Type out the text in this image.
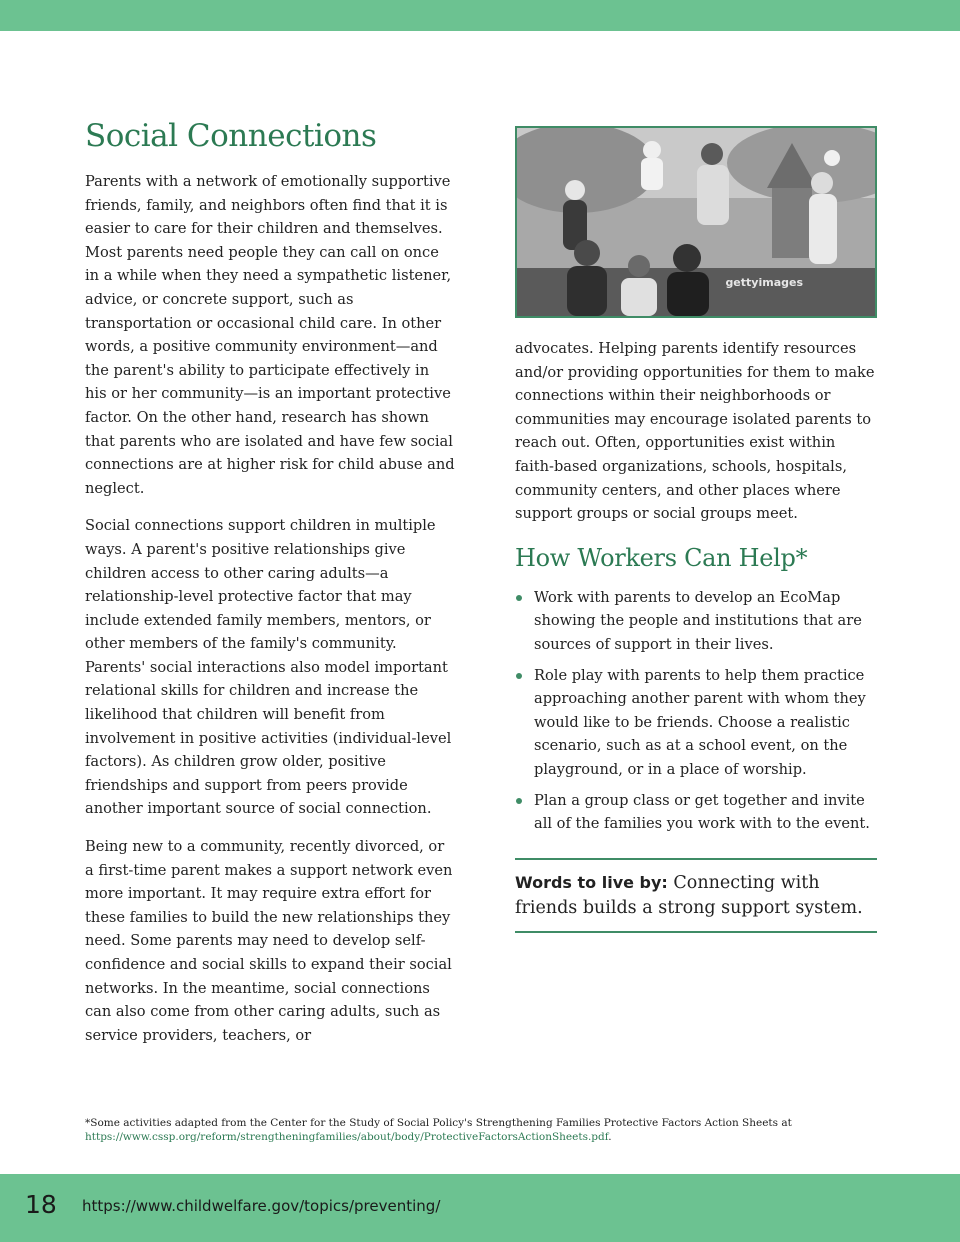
Social Connections

Parents with a network of emotionally supportive friends, family, and neighbors often find that it is easier to care for their children and themselves. Most parents need people they can call on once in a while when they need a sympathetic listener, advice, or concrete support, such as transportation or occasional child care. In other words, a positive community environment—and the parent's ability to participate effectively in his or her community—is an important protective factor. On the other hand, research has shown that parents who are isolated and have few social connections are at higher risk for child abuse and neglect.

Social connections support children in multiple ways. A parent's positive relationships give children access to other caring adults—a relationship-level protective factor that may include extended family members, mentors, or other members of the family's community. Parents' social interactions also model important relational skills for children and increase the likelihood that children will benefit from involvement in positive activities (individual-level factors). As children grow older, positive friendships and support from peers provide another important source of social connection.

Being new to a community, recently divorced, or a first-time parent makes a support network even more important. It may require extra effort for these families to build the new relationships they need. Some parents may need to develop self-confidence and social skills to expand their social networks. In the meantime, social connections can also come from other caring adults, such as service providers, teachers, or

gettyimages

advocates. Helping parents identify resources and/or providing opportunities for them to make connections within their neighborhoods or communities may encourage isolated parents to reach out. Often, opportunities exist within faith-based organizations, schools, hospitals, community centers, and other places where support groups or social groups meet.

How Workers Can Help*
Work with parents to develop an EcoMap showing the people and institutions that are sources of support in their lives.
Role play with parents to help them practice approaching another parent with whom they would like to be friends. Choose a realistic scenario, such as at a school event, on the playground, or in a place of worship.
Plan a group class or get together and invite all of the families you work with to the event.
Words to live by: Connecting with friends builds a strong support system.
*Some activities adapted from the Center for the Study of Social Policy's Strengthening Families Protective Factors Action Sheets at https://www.cssp.org/reform/strengtheningfamilies/about/body/ProtectiveFactorsActionSheets.pdf.
18 https://www.childwelfare.gov/topics/preventing/
